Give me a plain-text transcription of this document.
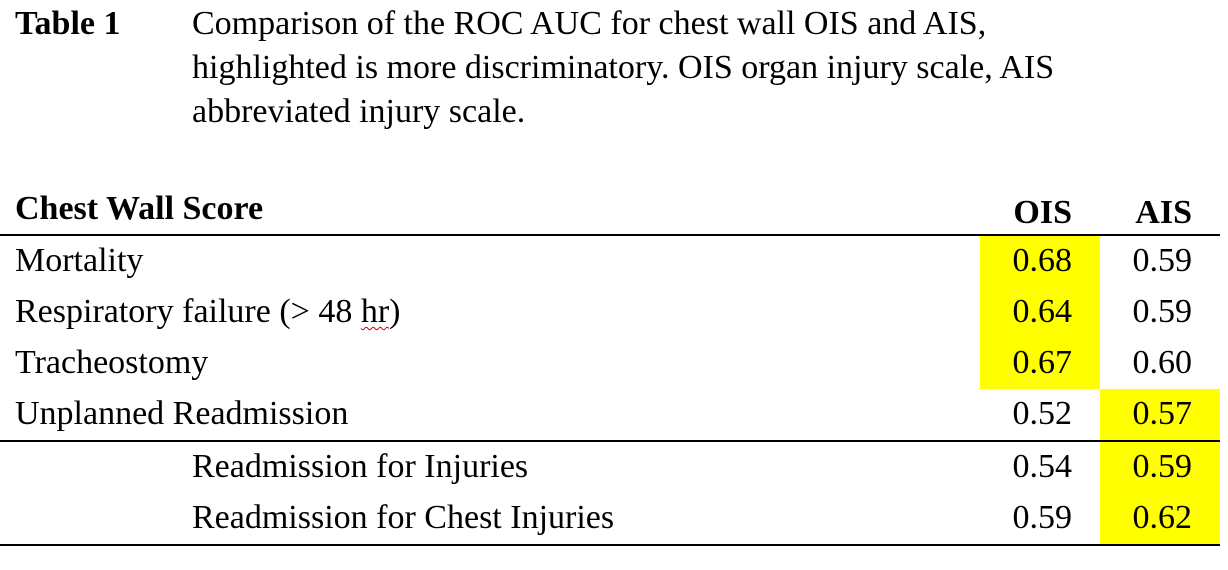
Table 1 Comparison of the ROC AUC for chest wall OIS and AIS,
highlighted is more discriminatory. OIS organ injury scale, AIS
abbreviated injury scale.
Chest Wall Score	OIS	AIS
Mortality	0.68	0.59
Respiratory failure (> 48 hr)	0.64	0.59
Tracheostomy	0.67	0.60
Unplanned Readmission	0.52	0.57
Readmission for Injuries	0.54	0.59
Readmission for Chest Injuries	0.59	0.62
